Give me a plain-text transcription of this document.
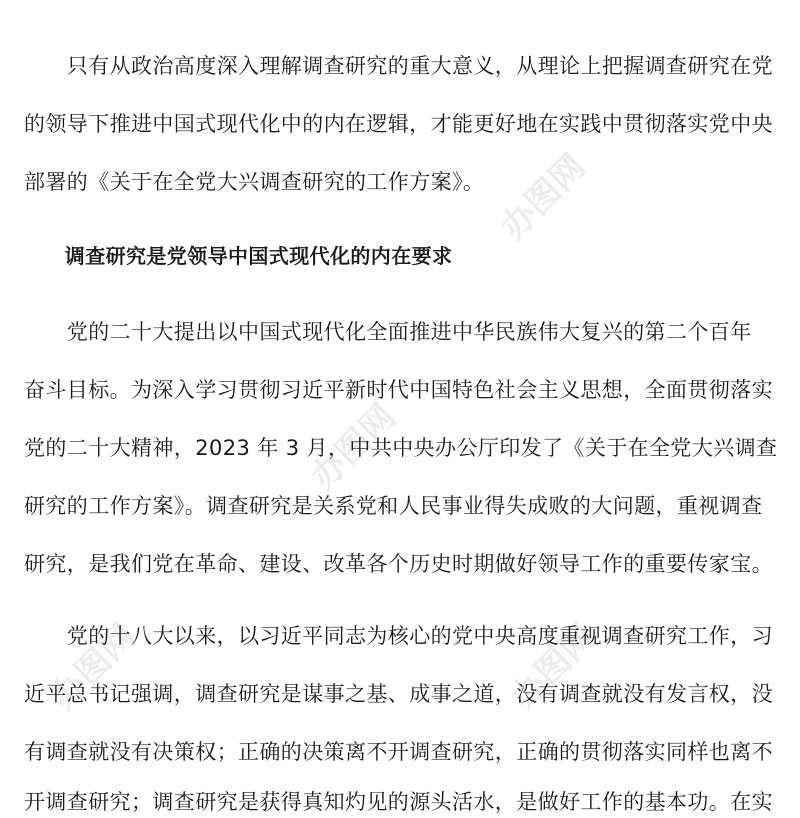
办图网
办图网
办图网	办图网
　　只有从政治高度深入理解调查研究的重大意义，从理论上把握调查研究在党
的领导下推进中国式现代化中的内在逻辑，才能更好地在实践中贯彻落实党中央
部署的《关于在全党大兴调查研究的工作方案》。
　　调查研究是党领导中国式现代化的内在要求
　　党的二十大提出以中国式现代化全面推进中华民族伟大复兴的第二个百年
奋斗目标。为深入学习贯彻习近平新时代中国特色社会主义思想，全面贯彻落实
党的二十大精神，2023 年 3 月，中共中央办公厅印发了《关于在全党大兴调查
研究的工作方案》。调查研究是关系党和人民事业得失成败的大问题，重视调查
研究，是我们党在革命、建设、改革各个历史时期做好领导工作的重要传家宝。
　　党的十八大以来，以习近平同志为核心的党中央高度重视调查研究工作，习
近平总书记强调，调查研究是谋事之基、成事之道，没有调查就没有发言权，没
有调查就没有决策权；正确的决策离不开调查研究，正确的贯彻落实同样也离不
开调查研究；调查研究是获得真知灼见的源头活水，是做好工作的基本功。在实
